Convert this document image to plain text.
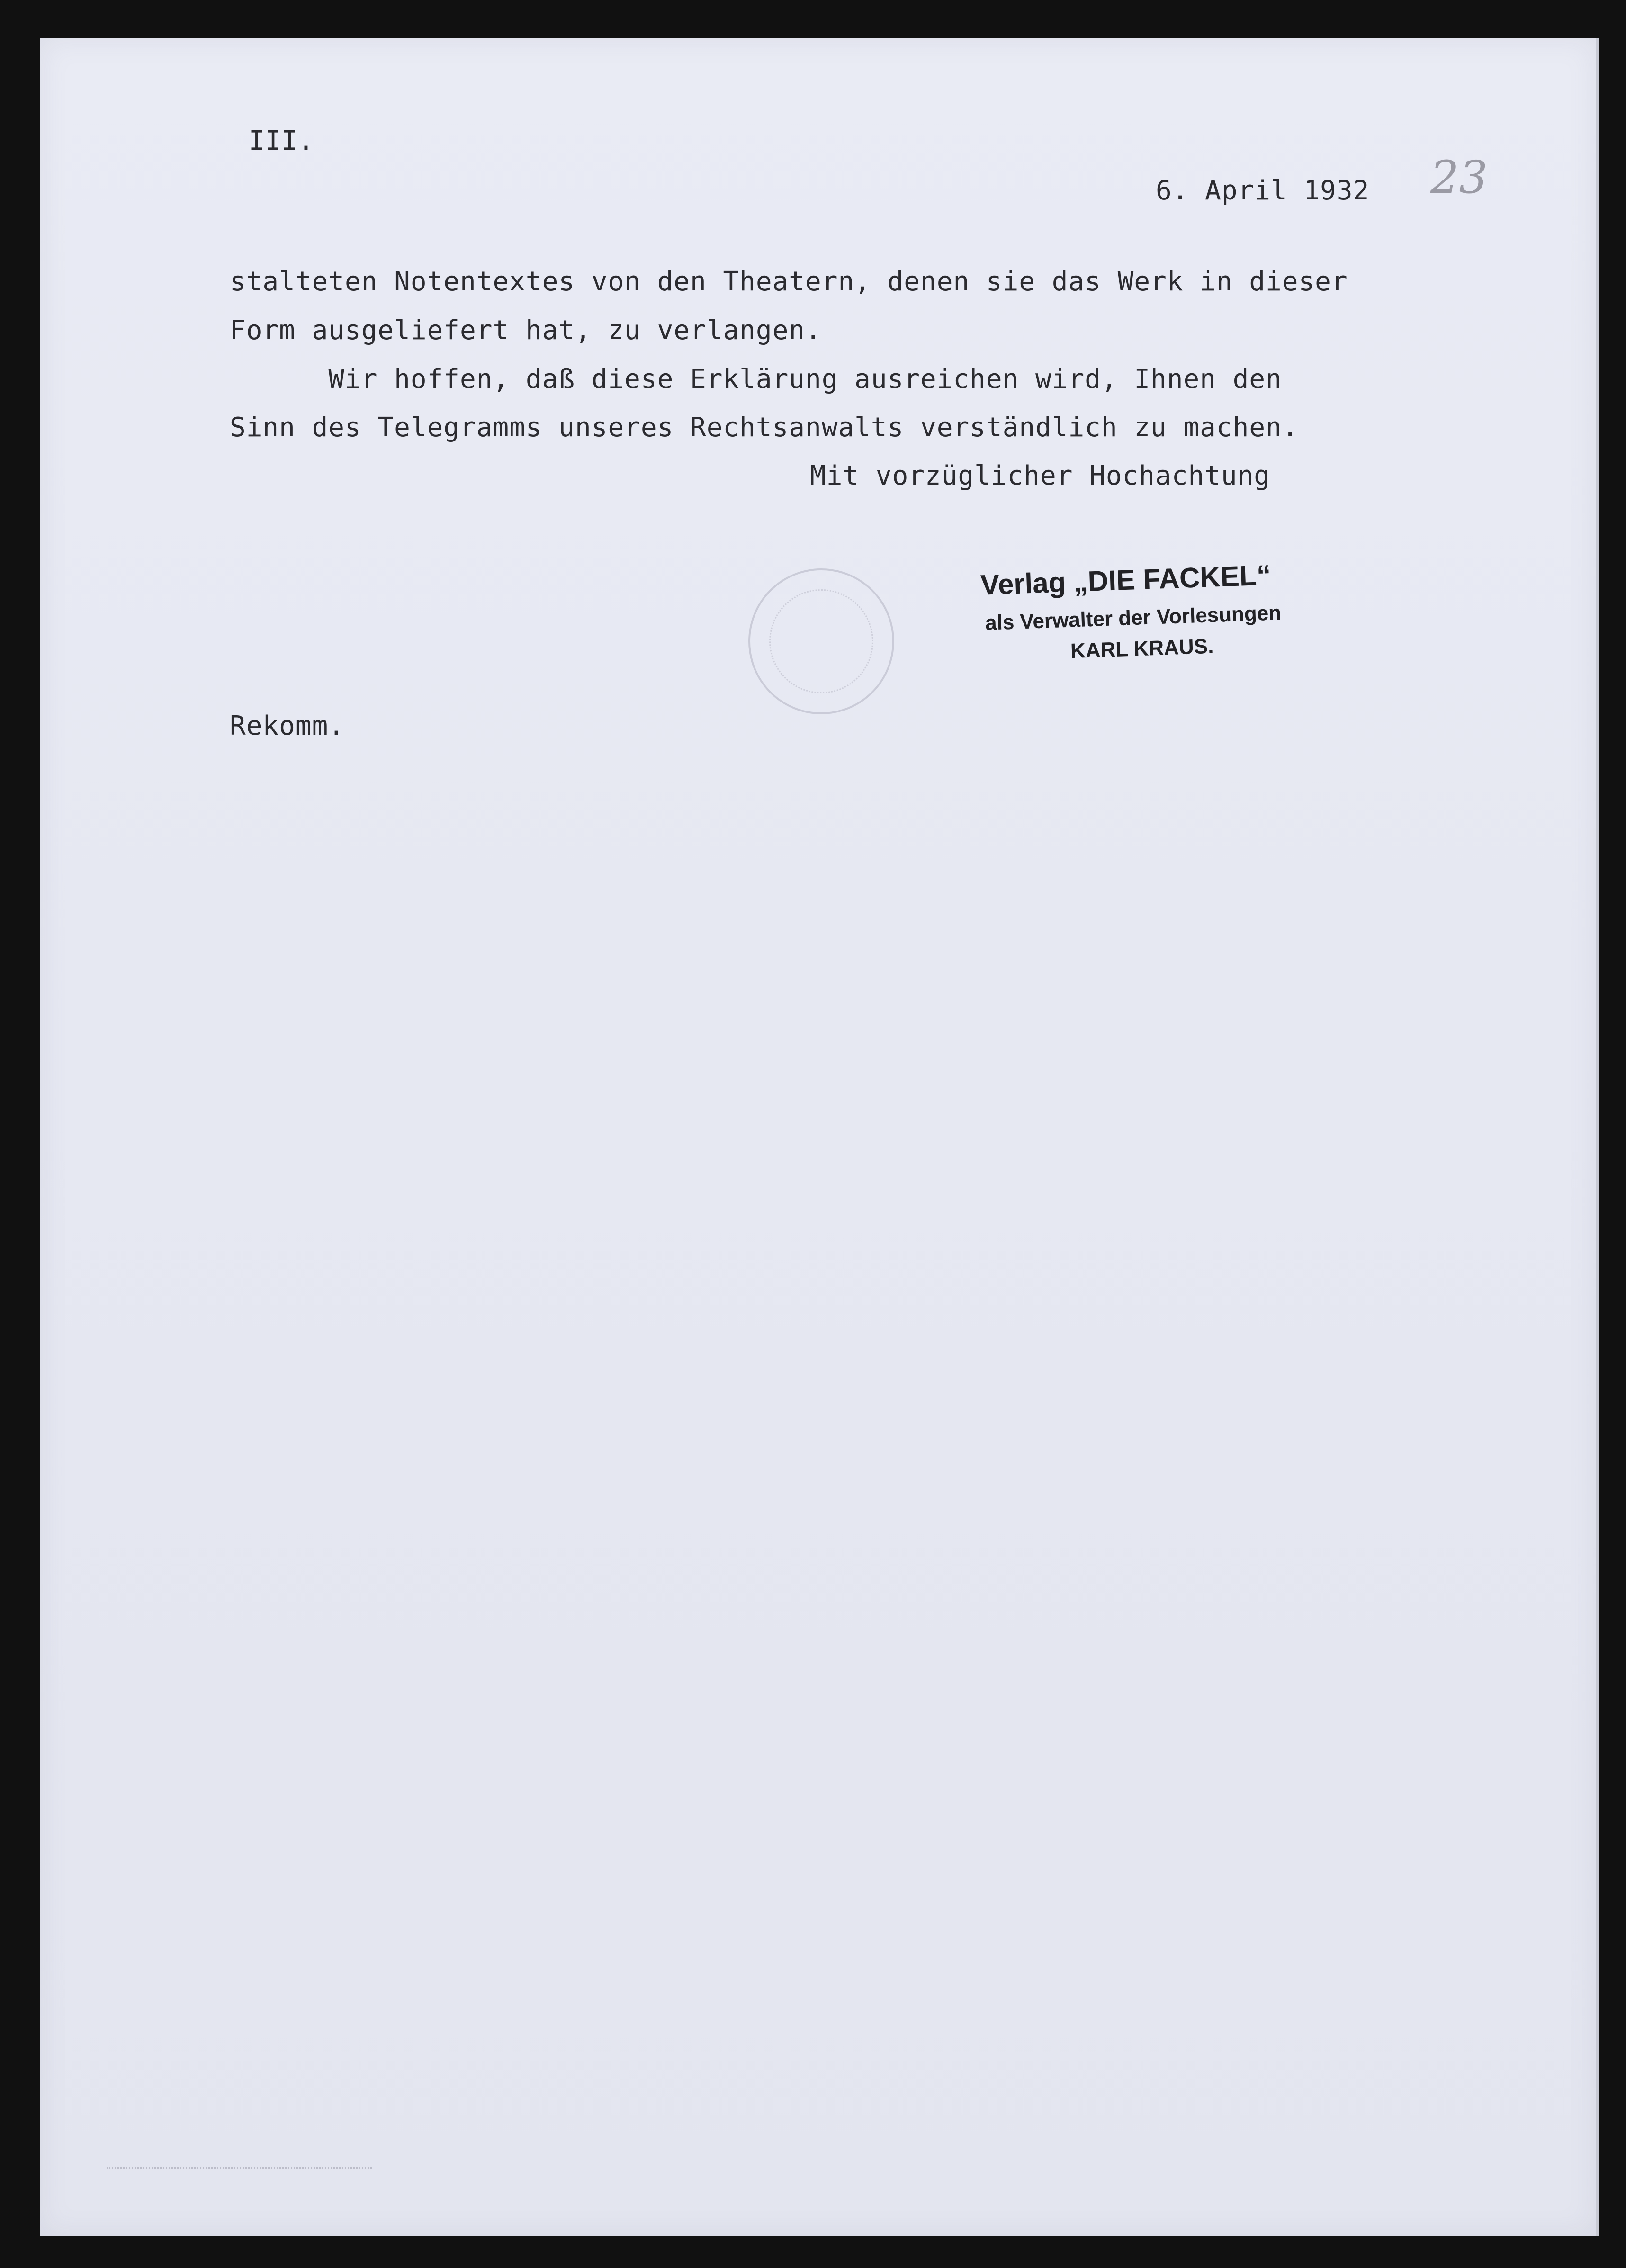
III.
23
6. April 1932
stalteten Notentextes von den Theatern, denen sie das Werk in dieser
Form ausgeliefert hat, zu verlangen.
Wir hoffen, daß diese Erklärung ausreichen wird, Ihnen den
Sinn des Telegramms unseres Rechtsanwalts verständlich zu machen.
Mit vorzüglicher Hochachtung
Verlag „DIE FACKEL“
als Verwalter der Vorlesungen
KARL KRAUS.
Rekomm.
